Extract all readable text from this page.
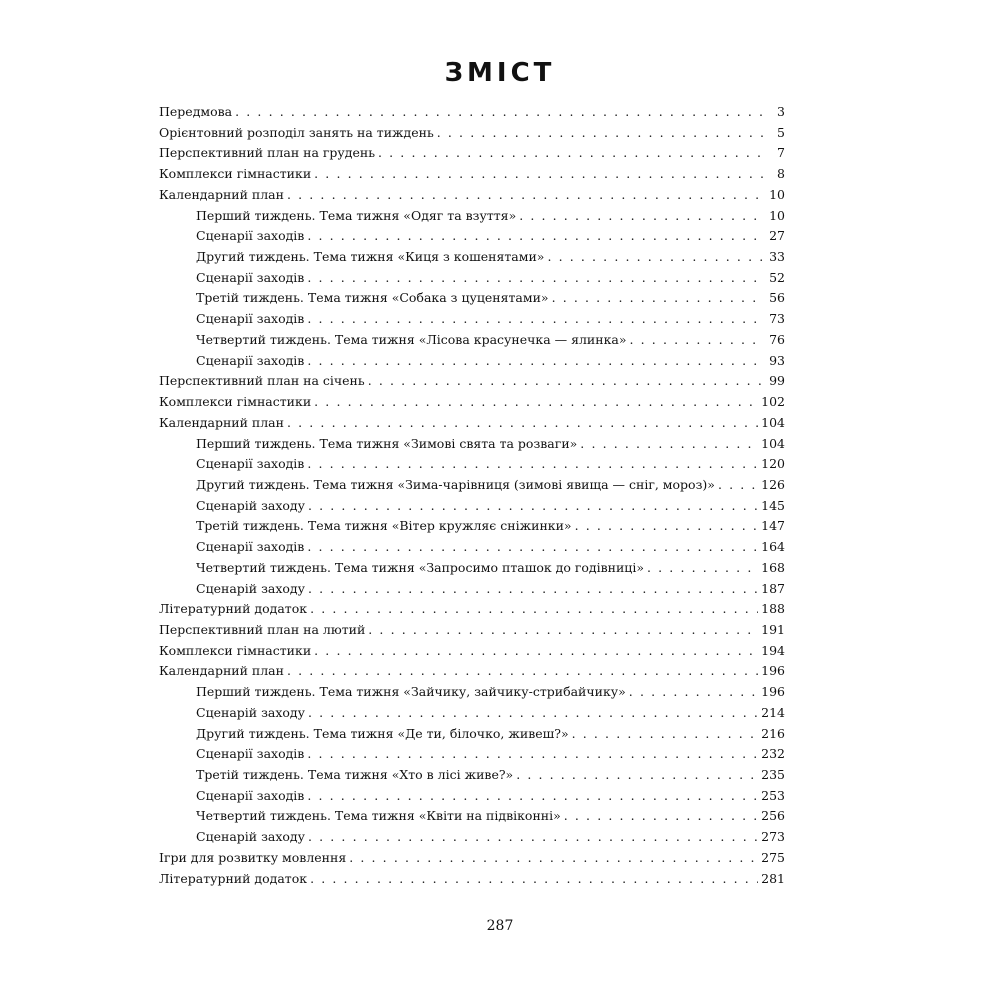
ЗМІСТ
Передмова . . .	3
Орієнтовний розподіл занять на тиждень . . .	5
Перспективний план на грудень . . .	7
Комплекси гімнастики . . .	8
Календарний план . . .	10
Перший тиждень. Тема тижня «Одяг та взуття» . . .	10
Сценарії заходів . . .	27
Другий тиждень. Тема тижня «Киця з кошенятами» . . .	33
Сценарії заходів . . .	52
Третій тиждень. Тема тижня «Собака з цуценятами» . . .	56
Сценарії заходів . . .	73
Четвертий тиждень. Тема тижня «Лісова красунечка — ялинка» . . .	76
Сценарії заходів . . .	93
Перспективний план на січень . . .	99
Комплекси гімнастики . . .	102
Календарний план . . .	104
Перший тиждень. Тема тижня «Зимові свята та розваги» . . .	104
Сценарії заходів . . .	120
Другий тиждень. Тема тижня «Зима-чарівниця (зимові явища — сніг, мороз)» . . .	126
Сценарій заходу . . .	145
Третій тиждень. Тема тижня «Вітер кружляє сніжинки» . . .	147
Сценарії заходів . . .	164
Четвертий тиждень. Тема тижня «Запросимо пташок до годівниці» . . .	168
Сценарій заходу . . .	187
Літературний додаток . . .	188
Перспективний план на лютий . . .	191
Комплекси гімнастики . . .	194
Календарний план . . .	196
Перший тиждень. Тема тижня «Зайчику, зайчику-стрибайчику» . . .	196
Сценарій заходу . . .	214
Другий тиждень. Тема тижня «Де ти, білочко, живеш?» . . .	216
Сценарії заходів . . .	232
Третій тиждень. Тема тижня «Хто в лісі живе?» . . .	235
Сценарії заходів . . .	253
Четвертий тиждень. Тема тижня «Квіти на підвіконні» . . .	256
Сценарій заходу . . .	273
Ігри для розвитку мовлення . . .	275
Літературний додаток . . .	281
287
